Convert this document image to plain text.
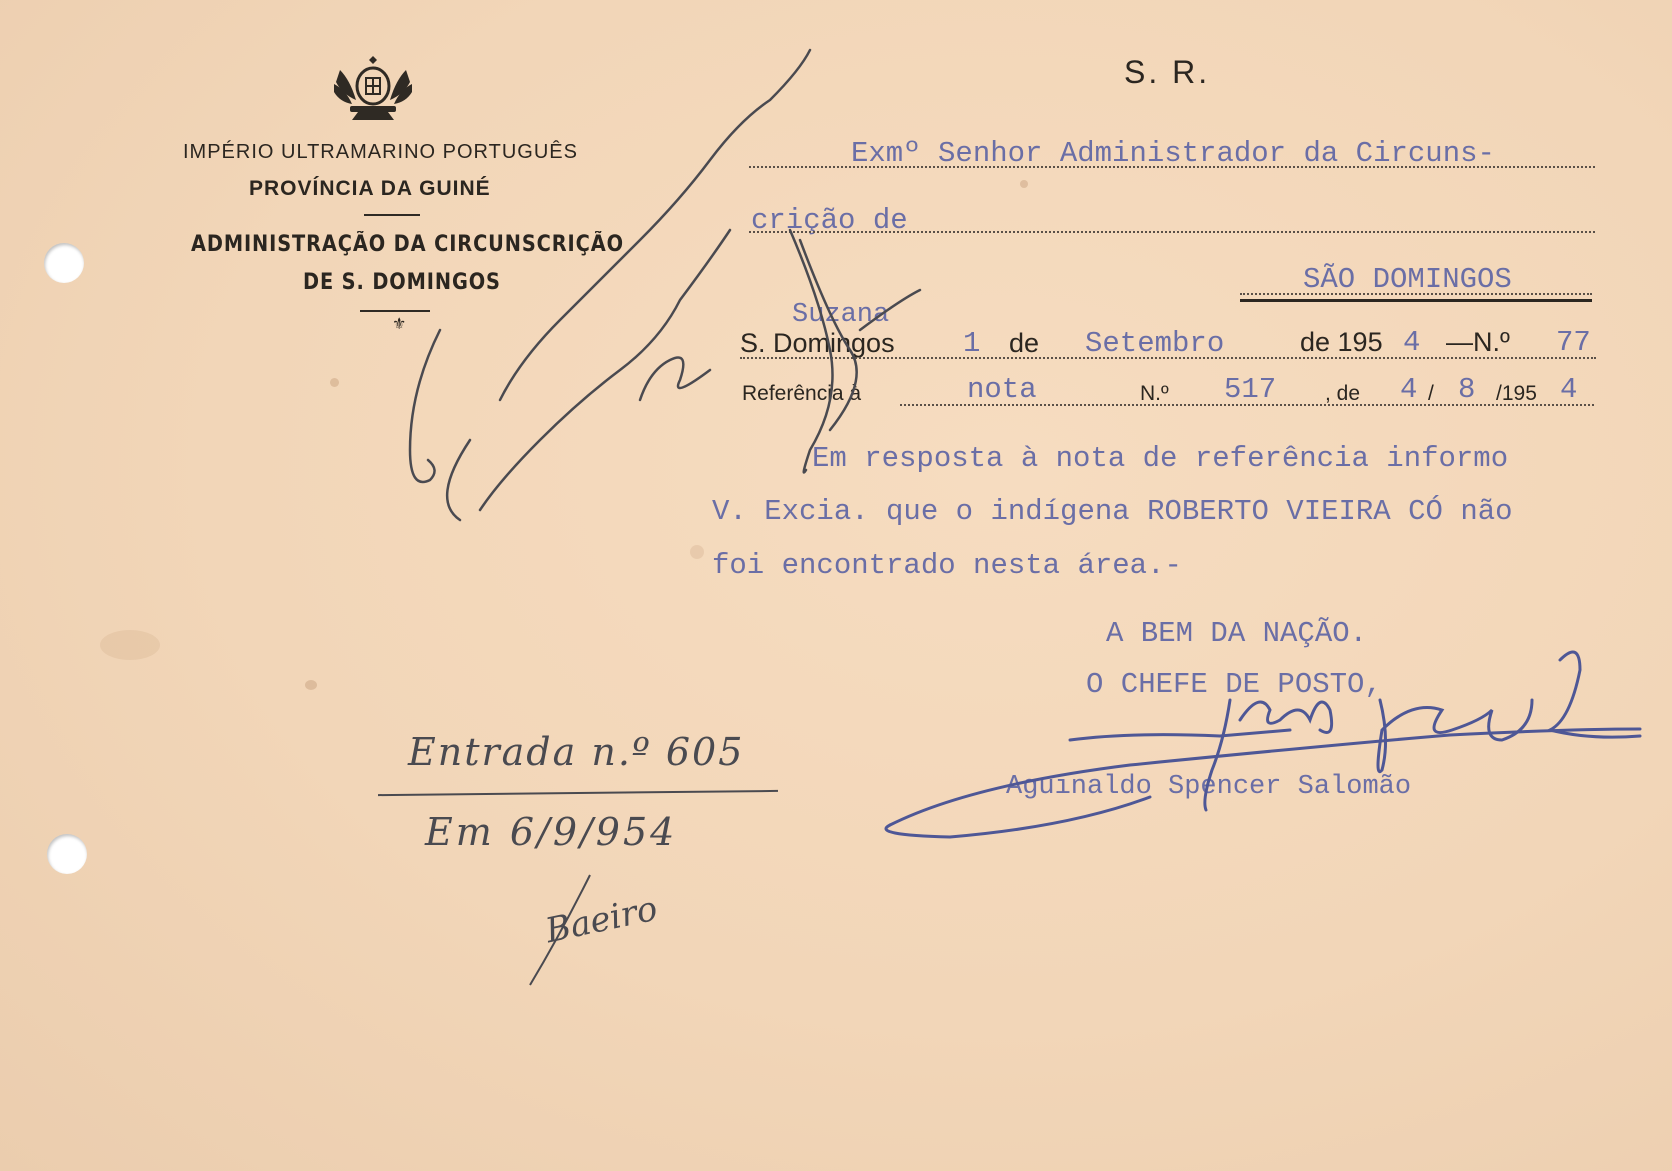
IMPÉRIO ULTRAMARINO PORTUGUÊS
PROVÍNCIA DA GUINÉ
ADMINISTRAÇÃO DA CIRCUNSCRIÇÃO
DE S. DOMINGOS
⚜
S. R.
Exmº Senhor Administrador da Circuns-
crição de
SÃO DOMINGOS
Suzana
S. Domingos 1 de Setembro	de 195 4 —N.º 77
Referência à	nota	N.º 517 , de 4 / 8 /195 4
Em resposta à nota de referência informo
V. Excia. que o indígena ROBERTO VIEIRA CÓ não
foi encontrado nesta área.-
A BEM DA NAÇÃO.
O CHEFE DE POSTO,
Aguinaldo Spencer Salomão
Entrada n.º 605
Em 6/9/954
Baeiro
